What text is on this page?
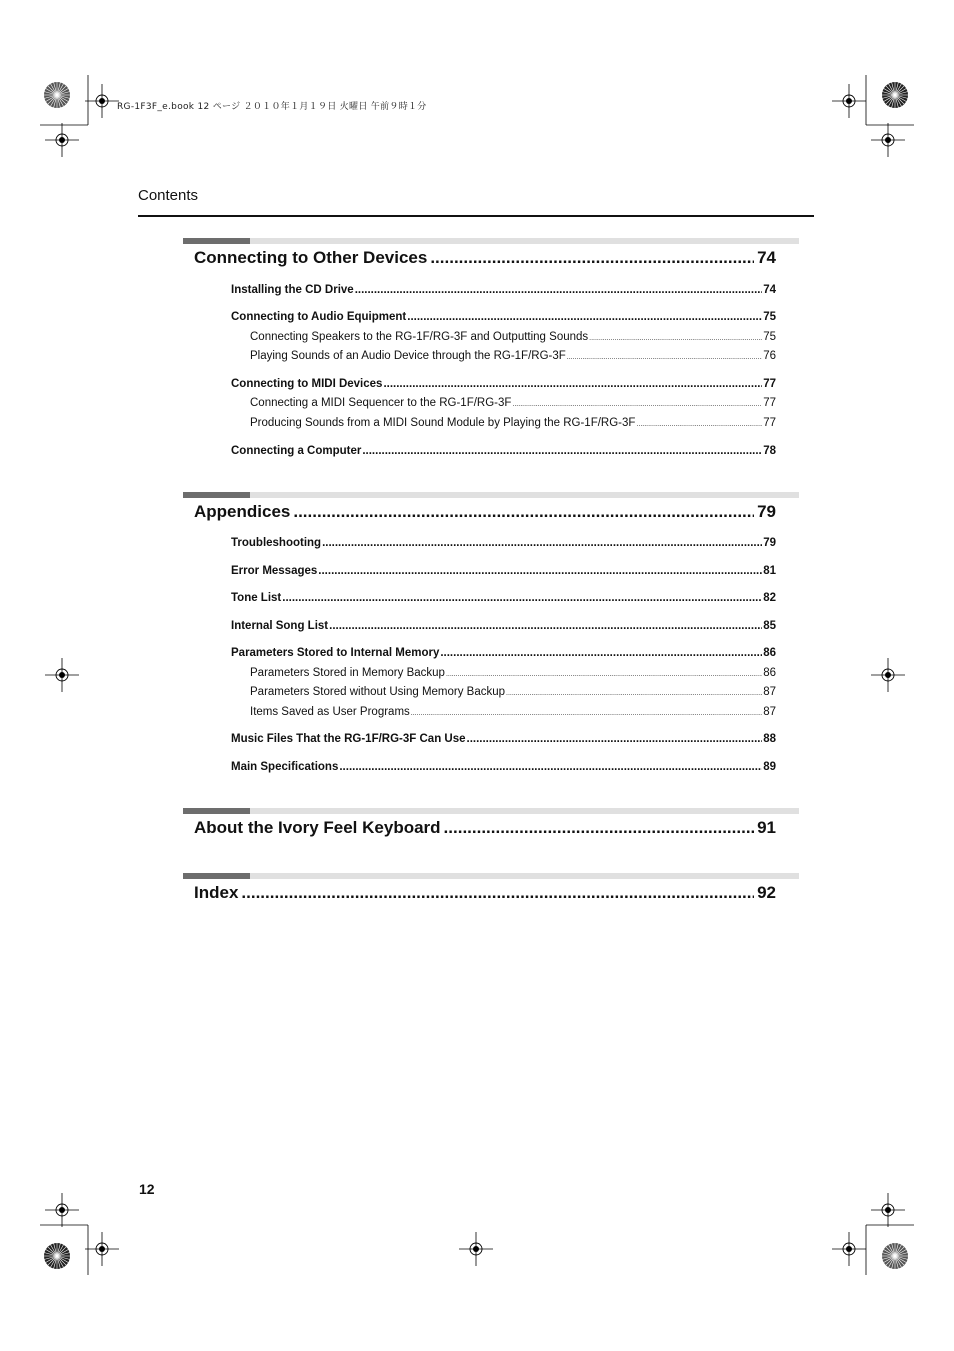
RG-1F3F_e.book 12 ページ ２０１０年１月１９日 火曜日 午前９時１分
Contents
Connecting to Other Devices .....	74
Installing the CD Drive .....	74
Connecting to Audio Equipment .....	75
Connecting Speakers to the RG-1F/RG-3F and Outputting Sounds .....	75
Playing Sounds of an Audio Device through the RG-1F/RG-3F .....	76
Connecting to MIDI Devices .....	77
Connecting a MIDI Sequencer to the RG-1F/RG-3F .....	77
Producing Sounds from a MIDI Sound Module by Playing the RG-1F/RG-3F .....	77
Connecting a Computer .....	78
Appendices .....	79
Troubleshooting .....	79
Error Messages .....	81
Tone List .....	82
Internal Song List .....	85
Parameters Stored to Internal Memory .....	86
Parameters Stored in Memory Backup .....	86
Parameters Stored without Using Memory Backup .....	87
Items Saved as User Programs .....	87
Music Files That the RG-1F/RG-3F Can Use .....	88
Main Specifications .....	89
About the Ivory Feel Keyboard .....	91
Index .....	92
12
